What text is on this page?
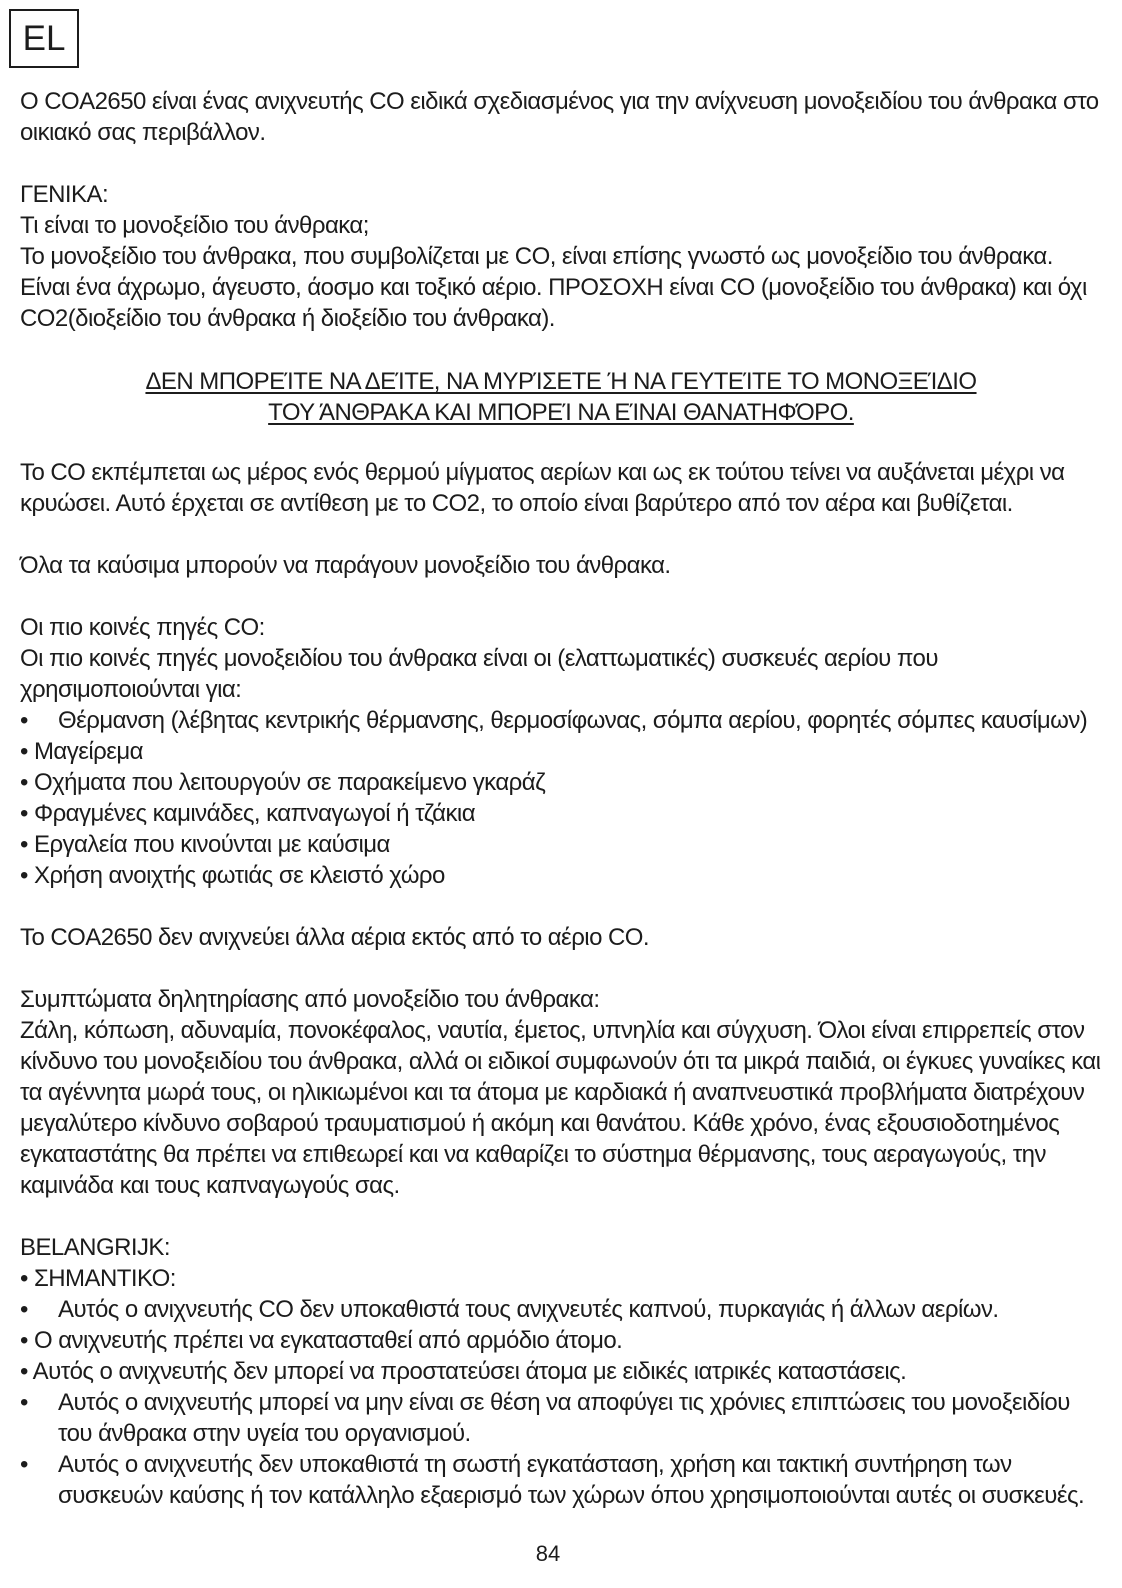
EL

Ο COA2650 είναι ένας ανιχνευτής CO ειδικά σχεδιασμένος για την ανίχνευση μονοξειδίου του άνθρακα στο οικιακό σας περιβάλλον.

ΓΕΝΙΚΑ:

Τι είναι το μονοξείδιο του άνθρακα;

Το μονοξείδιο του άνθρακα, που συμβολίζεται με CO, είναι επίσης γνωστό ως μονοξείδιο του άνθρακα. Είναι ένα άχρωμο, άγευστο, άοσμο και τοξικό αέριο. ΠΡΟΣΟΧΗ είναι CO (μονοξείδιο του άνθρακα) και όχι CO2(διοξείδιο του άνθρακα ή διοξείδιο του άνθρακα).

ΔΕΝ ΜΠΟΡΕΊΤΕ ΝΑ ΔΕΊΤΕ, ΝΑ ΜΥΡΊΣΕΤΕ Ή ΝΑ ΓΕΥΤΕΊΤΕ ΤΟ ΜΟΝΟΞΕΊΔΙΟ
ΤΟΥ ΆΝΘΡΑΚΑ ΚΑΙ ΜΠΟΡΕΊ ΝΑ ΕΊΝΑΙ ΘΑΝΑΤΗΦΌΡΟ.

Το CO εκπέμπεται ως μέρος ενός θερμού μίγματος αερίων και ως εκ τούτου τείνει να αυξάνεται μέχρι να κρυώσει. Αυτό έρχεται σε αντίθεση με το CO2, το οποίο είναι βαρύτερο από τον αέρα και βυθίζεται.

Όλα τα καύσιμα μπορούν να παράγουν μονοξείδιο του άνθρακα.

Οι πιο κοινές πηγές CO:

Οι πιο κοινές πηγές μονοξειδίου του άνθρακα είναι οι (ελαττωματικές) συσκευές αερίου που χρησιμοποιούνται για:

• Θέρμανση (λέβητας κεντρικής θέρμανσης, θερμοσίφωνας, σόμπα αερίου, φορητές σόμπες καυσίμων)
• Μαγείρεμα
• Οχήματα που λειτουργούν σε παρακείμενο γκαράζ
• Φραγμένες καμινάδες, καπναγωγοί ή τζάκια
• Εργαλεία που κινούνται με καύσιμα
• Χρήση ανοιχτής φωτιάς σε κλειστό χώρο

Το COA2650 δεν ανιχνεύει άλλα αέρια εκτός από το αέριο CO.

Συμπτώματα δηλητηρίασης από μονοξείδιο του άνθρακα:

Ζάλη, κόπωση, αδυναμία, πονοκέφαλος, ναυτία, έμετος, υπνηλία και σύγχυση. Όλοι είναι επιρρεπείς στον κίνδυνο του μονοξειδίου του άνθρακα, αλλά οι ειδικοί συμφωνούν ότι τα μικρά παιδιά, οι έγκυες γυναίκες και τα αγέννητα μωρά τους, οι ηλικιωμένοι και τα άτομα με καρδιακά ή αναπνευστικά προβλήματα διατρέχουν μεγαλύτερο κίνδυνο σοβαρού τραυματισμού ή ακόμη και θανάτου. Κάθε χρόνο, ένας εξουσιοδοτημένος εγκαταστάτης θα πρέπει να επιθεωρεί και να καθαρίζει το σύστημα θέρμανσης, τους αεραγωγούς, την καμινάδα και τους καπναγωγούς σας.

BELANGRIJK:

• ΣΗΜΑΝΤΙΚΟ:
• Αυτός ο ανιχνευτής CO δεν υποκαθιστά τους ανιχνευτές καπνού, πυρκαγιάς ή άλλων αερίων.
• Ο ανιχνευτής πρέπει να εγκατασταθεί από αρμόδιο άτομο.
• Αυτός ο ανιχνευτής δεν μπορεί να προστατεύσει άτομα με ειδικές ιατρικές καταστάσεις.
• Αυτός ο ανιχνευτής μπορεί να μην είναι σε θέση να αποφύγει τις χρόνιες επιπτώσεις του μονοξειδίου του άνθρακα στην υγεία του οργανισμού.
• Αυτός ο ανιχνευτής δεν υποκαθιστά τη σωστή εγκατάσταση, χρήση και τακτική συντήρηση των συσκευών καύσης ή τον κατάλληλο εξαερισμό των χώρων όπου χρησιμοποιούνται αυτές οι συσκευές.
84
